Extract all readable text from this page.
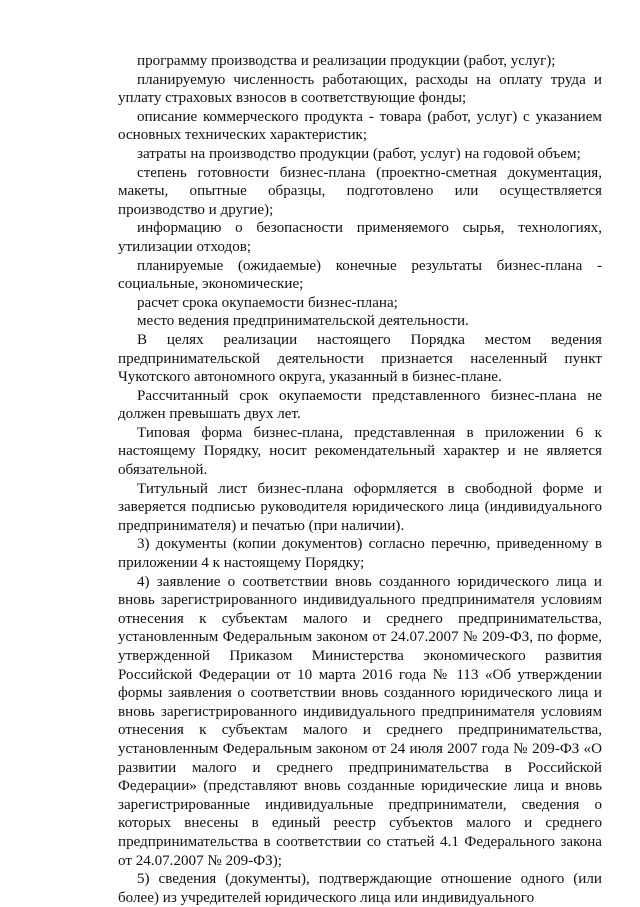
программу производства и реализации продукции (работ, услуг);

планируемую численность работающих, расходы на оплату труда и уплату страховых взносов в соответствующие фонды;

описание коммерческого продукта - товара (работ, услуг) с указанием основных технических характеристик;

затраты на производство продукции (работ, услуг) на годовой объем;

степень готовности бизнес-плана (проектно-сметная документация, макеты, опытные образцы, подготовлено или осуществляется производство и другие);

информацию о безопасности применяемого сырья, технологиях, утилизации отходов;

планируемые (ожидаемые) конечные результаты бизнес-плана - социальные, экономические;

расчет срока окупаемости бизнес-плана;

место ведения предпринимательской деятельности.

В целях реализации настоящего Порядка местом ведения предпринимательской деятельности признается населенный пункт Чукотского автономного округа, указанный в бизнес-плане.

Рассчитанный срок окупаемости представленного бизнес-плана не должен превышать двух лет.

Типовая форма бизнес-плана, представленная в приложении 6 к настоящему Порядку, носит рекомендательный характер и не является обязательной.

Титульный лист бизнес-плана оформляется в свободной форме и заверяется подписью руководителя юридического лица (индивидуального предпринимателя) и печатью (при наличии).

3) документы (копии документов) согласно перечню, приведенному в приложении 4 к настоящему Порядку;

4) заявление о соответствии вновь созданного юридического лица и вновь зарегистрированного индивидуального предпринимателя условиям отнесения к субъектам малого и среднего предпринимательства, установленным Федеральным законом от 24.07.2007 № 209-ФЗ, по форме, утвержденной Приказом Министерства экономического развития Российской Федерации от 10 марта 2016 года № 113 «Об утверждении формы заявления о соответствии вновь созданного юридического лица и вновь зарегистрированного индивидуального предпринимателя условиям отнесения к субъектам малого и среднего предпринимательства, установленным Федеральным законом от 24 июля 2007 года № 209-ФЗ «О развитии малого и среднего предпринимательства в Российской Федерации» (представляют вновь созданные юридические лица и вновь зарегистрированные индивидуальные предприниматели, сведения о которых внесены в единый реестр субъектов малого и среднего предпринимательства в соответствии со статьей 4.1 Федерального закона от 24.07.2007 № 209-ФЗ);

5) сведения (документы), подтверждающие отношение одного (или более) из учредителей юридического лица или индивидуального
